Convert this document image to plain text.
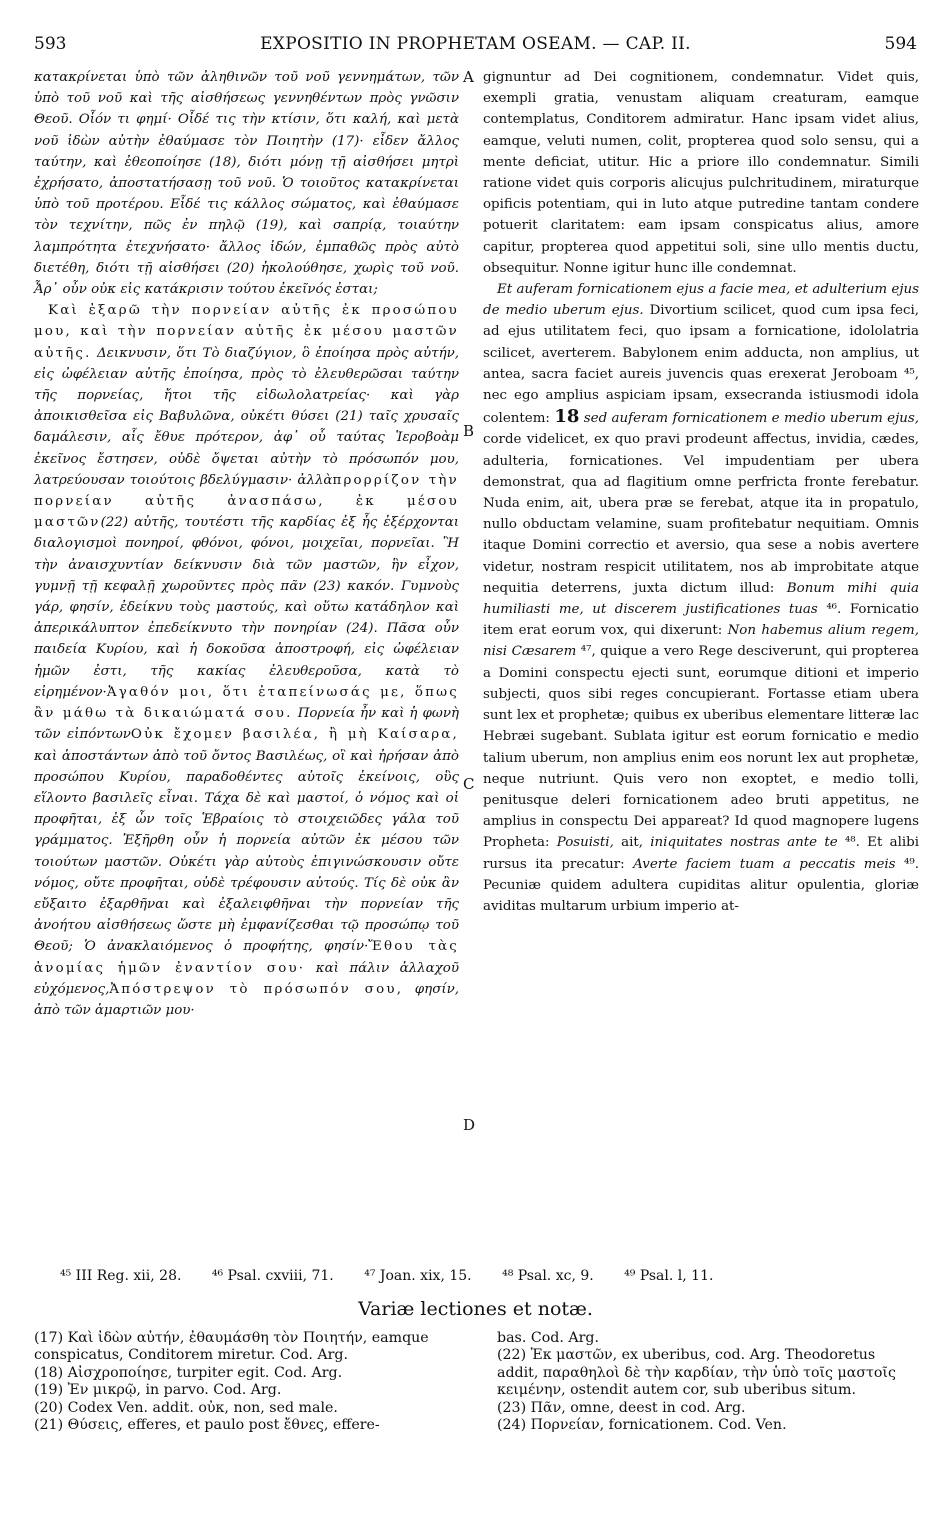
593	EXPOSITIO IN PROPHETAM OSEAM. — CAP. II.	594
A
B
C
D

κατακρίνεται ὑπὸ τῶν ἀληθινῶν τοῦ νοῦ γεννημάτων, τῶν ὑπὸ τοῦ νοῦ καὶ τῆς αἰσθήσεως γεννηθέντων πρὸς γνῶσιν Θεοῦ. Οἷόν τι φημί· Οἶδέ τις τὴν κτίσιν, ὅτι καλή, καὶ μετὰ νοῦ ἰδὼν αὐτὴν ἐθαύμασε τὸν Ποιητὴν (17)· εἶδεν ἄλλος ταύτην, καὶ ἐθεοποίησε (18), διότι μόνῃ τῇ αἰσθήσει μητρὶ ἐχρήσατο, ἀποστατήσασῃ τοῦ νοῦ. Ὁ τοιοῦτος κατακρίνεται ὑπὸ τοῦ προτέρου. Εἶδέ τις κάλλος σώματος, καὶ ἐθαύμασε τὸν τεχνίτην, πῶς ἐν πηλῷ (19), καὶ σαπρίᾳ, τοιαύτην λαμπρότητα ἐτεχνήσατο· ἄλλος ἰδών, ἐμπαθῶς πρὸς αὐτὸ διετέθη, διότι τῇ αἰσθήσει (20) ἠκολούθησε, χωρὶς τοῦ νοῦ. Ἆρ᾽ οὖν οὐκ εἰς κατάκρισιν τούτου ἐκεῖνός ἐσται;

Καὶ ἐξαρῶ τὴν πορνείαν αὐτῆς ἐκ προσώπου μου, καὶ τὴν πορνείαν αὐτῆς ἐκ μέσου μαστῶν αὐτῆς. Δεικνυσιν, ὅτι Τὸ διαζύγιον, ὃ ἐποίησα πρὸς αὐτήν, εἰς ὠφέλειαν αὐτῆς ἐποίησα, πρὸς τὸ ἐλευθερῶσαι ταύτην τῆς πορνείας, ἤτοι τῆς εἰδωλολατρείας· καὶ γὰρ ἀποικισθεῖσα εἰς Βαβυλῶνα, οὐκέτι θύσει (21) ταῖς χρυσαῖς δαμάλεσιν, αἷς ἔθυε πρότερον, ἀφ᾽ οὗ ταύτας Ἱεροβοὰμ ἐκεῖνος ἔστησεν, οὐδὲ ὄψεται αὐτὴν τὸ πρόσωπόν μου, λατρεύουσαν τοιούτοις βδελύγμασιν· ἀλλὰπρορρίζον τὴν πορνείαν αὐτῆς ἀνασπάσω, ἐκ μέσου μαστῶν(22) αὐτῆς, τουτέστι τῆς καρδίας ἐξ ἧς ἐξέρχονται διαλογισμοὶ πονηροί, φθόνοι, φόνοι, μοιχεῖαι, πορνεῖαι. Ἢ τὴν ἀναισχυντίαν δείκνυσιν διὰ τῶν μαστῶν, ἣν εἶχον, γυμνῇ τῇ κεφαλῇ χωροῦντες πρὸς πᾶν (23) κακόν. Γυμνοὺς γάρ, φησίν, ἐδείκνυ τοὺς μαστούς, καὶ οὕτω κατάδηλον καὶ ἀπερικάλυπτον ἐπεδείκνυτο τὴν πονηρίαν (24). Πᾶσα οὖν παιδεία Κυρίου, καὶ ἡ δοκοῦσα ἀποστροφή, εἰς ὠφέλειαν ἡμῶν ἐστι, τῆς κακίας ἐλευθεροῦσα, κατὰ τὸ εἰρημένον·Ἀγαθόν μοι, ὅτι ἐταπείνωσάς με, ὅπως ἂν μάθω τὰ δικαιώματά σου. Πορνεία ἦν καὶ ἡ φωνὴ τῶν εἰπόντωνΟὐκ ἔχομεν βασιλέα, ἢ μὴ Καίσαρα, καὶ ἀποστάντων ἀπὸ τοῦ ὄντος Βασιλέως, οἳ καὶ ἠρήσαν ἀπὸ προσώπου Κυρίου, παραδοθέντες αὐτοῖς ἐκείνοις, οὓς εἵλοντο βασιλεῖς εἶναι. Τάχα δὲ καὶ μαστοί, ὁ νόμος καὶ οἱ προφῆται, ἐξ ὧν τοῖς Ἑβραίοις τὸ στοιχειῶδες γάλα τοῦ γράμματος. Ἐξῆρθη οὖν ἡ πορνεία αὐτῶν ἐκ μέσου τῶν τοιούτων μαστῶν. Οὐκέτι γὰρ αὐτοὺς ἐπιγινώσκουσιν οὔτε νόμος, οὔτε προφῆται, οὐδὲ τρέφουσιν αὐτούς. Τίς δὲ οὐκ ἂν εὔξαιτο ἐξαρθῆναι καὶ ἐξαλειφθῆναι τὴν πορνείαν τῆς ἀνοήτου αἰσθήσεως ὥστε μὴ ἐμφανίζεσθαι τῷ προσώπῳ τοῦ Θεοῦ; Ὁ ἀνακλαιόμενος ὁ προφήτης, φησίν·Ἔθου τὰς ἀνομίας ἡμῶν ἐναντίον σου· καὶ πάλιν ἀλλαχοῦ εὐχόμενος,Ἀπόστρεψον τὸ πρόσωπόν σου, φησίν, ἀπὸ τῶν ἁμαρτιῶν μου·

gignuntur ad Dei cognitionem, condemnatur. Videt quis, exempli gratia, venustam aliquam creaturam, eamque contemplatus, Conditorem admiratur. Hanc ipsam videt alius, eamque, veluti numen, colit, propterea quod solo sensu, qui a mente deficiat, utitur. Hic a priore illo condemnatur. Simili ratione videt quis corporis alicujus pulchritudinem, miraturque opificis potentiam, qui in luto atque putredine tantam condere potuerit claritatem: eam ipsam conspicatus alius, amore capitur, propterea quod appetitui soli, sine ullo mentis ductu, obsequitur. Nonne igitur hunc ille condemnat.

Et auferam fornicationem ejus a facie mea, et adulterium ejus de medio uberum ejus. Divortium scilicet, quod cum ipsa feci, ad ejus utilitatem feci, quo ipsam a fornicatione, idololatria scilicet, averterem. Babylonem enim adducta, non amplius, ut antea, sacra faciet aureis juvencis quas erexerat Jeroboam ⁴⁵, nec ego amplius aspiciam ipsam, exsecranda istiusmodi idola colentem: 18 sed auferam fornicationem e medio uberum ejus, corde videlicet, ex quo pravi prodeunt affectus, invidia, cædes, adulteria, fornicationes. Vel impudentiam per ubera demonstrat, qua ad flagitium omne perfricta fronte ferebatur. Nuda enim, ait, ubera præ se ferebat, atque ita in propatulo, nullo obductam velamine, suam profitebatur nequitiam. Omnis itaque Domini correctio et aversio, qua sese a nobis avertere videtur, nostram respicit utilitatem, nos ab improbitate atque nequitia deterrens, juxta dictum illud: Bonum mihi quia humiliasti me, ut discerem justificationes tuas ⁴⁶. Fornicatio item erat eorum vox, qui dixerunt: Non habemus alium regem, nisi Cæsarem ⁴⁷, quique a vero Rege desciverunt, qui propterea a Domini conspectu ejecti sunt, eorumque ditioni et imperio subjecti, quos sibi reges concupierant. Fortasse etiam ubera sunt lex et prophetæ; quibus ex uberibus elementare litteræ lac Hebræi sugebant. Sublata igitur est eorum fornicatio e medio talium uberum, non amplius enim eos norunt lex aut prophetæ, neque nutriunt. Quis vero non exoptet, e medio tolli, penitusque deleri fornicationem adeo bruti appetitus, ne amplius in conspectu Dei appareat? Id quod magnopere lugens Propheta: Posuisti, ait, iniquitates nostras ante te ⁴⁸. Et alibi rursus ita precatur: Averte faciem tuam a peccatis meis ⁴⁹. Pecuniæ quidem adultera cupiditas alitur opulentia, gloriæ aviditas multarum urbium imperio at-

⁴⁵ III Reg. xii, 28. ⁴⁶ Psal. cxviii, 71. ⁴⁷ Joan. xix, 15. ⁴⁸ Psal. xc, 9. ⁴⁹ Psal. l, 11.
Variæ lectiones et notæ.

(17) Καὶ ἰδὼν αὐτήν, ἐθαυμάσθη τὸν Ποιητήν, eamque conspicatus, Conditorem miretur. Cod. Arg.

(18) Αἰσχροποίησε, turpiter egit. Cod. Arg.

(19) Ἐν μικρῷ, in parvo. Cod. Arg.

(20) Codex Ven. addit. οὐκ, non, sed male.

(21) Θύσεις, efferes, et paulo post ἔθνες, effere-

bas. Cod. Arg.

(22) Ἐκ μαστῶν, ex uberibus, cod. Arg. Theodoretus addit, παραθηλοὶ δὲ τὴν καρδίαν, τὴν ὑπὸ τοῖς μαστοῖς κειμένην, ostendit autem cor, sub uberibus situm.

(23) Πᾶν, omne, deest in cod. Arg.

(24) Πορνείαν, fornicationem. Cod. Ven.
